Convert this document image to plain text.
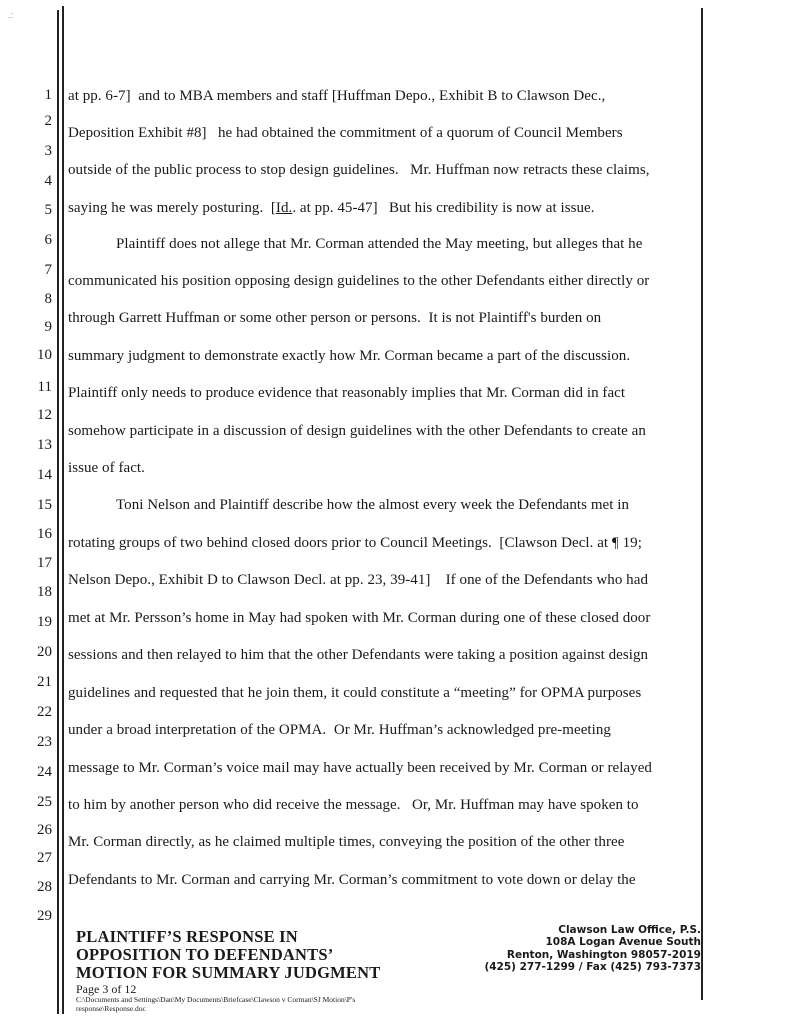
.:
1
2
3
4
5
6
7
8
9
10
11
12
13
14
15
16
17
18
19
20
21
22
23
24
25
26
27
28
29
at pp. 6-7]  and to MBA members and staff [Huffman Depo., Exhibit B to Clawson Dec.,
Deposition Exhibit #8]   he had obtained the commitment of a quorum of Council Members
outside of the public process to stop design guidelines.   Mr. Huffman now retracts these claims,
saying he was merely posturing.  [Id.. at pp. 45-47]   But his credibility is now at issue.
Plaintiff does not allege that Mr. Corman attended the May meeting, but alleges that he
communicated his position opposing design guidelines to the other Defendants either directly or
through Garrett Huffman or some other person or persons.  It is not Plaintiff's burden on
summary judgment to demonstrate exactly how Mr. Corman became a part of the discussion.
Plaintiff only needs to produce evidence that reasonably implies that Mr. Corman did in fact
somehow participate in a discussion of design guidelines with the other Defendants to create an
issue of fact.
Toni Nelson and Plaintiff describe how the almost every week the Defendants met in
rotating groups of two behind closed doors prior to Council Meetings.  [Clawson Decl. at ¶ 19;
Nelson Depo., Exhibit D to Clawson Decl. at pp. 23, 39-41]    If one of the Defendants who had
met at Mr. Persson’s home in May had spoken with Mr. Corman during one of these closed door
sessions and then relayed to him that the other Defendants were taking a position against design
guidelines and requested that he join them, it could constitute a “meeting” for OPMA purposes
under a broad interpretation of the OPMA.  Or Mr. Huffman’s acknowledged pre-meeting
message to Mr. Corman’s voice mail may have actually been received by Mr. Corman or relayed
to him by another person who did receive the message.   Or, Mr. Huffman may have spoken to
Mr. Corman directly, as he claimed multiple times, conveying the position of the other three
Defendants to Mr. Corman and carrying Mr. Corman’s commitment to vote down or delay the
PLAINTIFF’S RESPONSE IN
OPPOSITION TO DEFENDANTS’
MOTION FOR SUMMARY JUDGMENT
Page 3 of 12
C:\Documents and Settings\Dan\My Documents\Briefcase\Clawson v Corman\SJ Motion\P's response\Response.doc
Clawson Law Office, P.S.
108A Logan Avenue South
Renton, Washington 98057-2019
(425) 277-1299 / Fax (425) 793-7373
